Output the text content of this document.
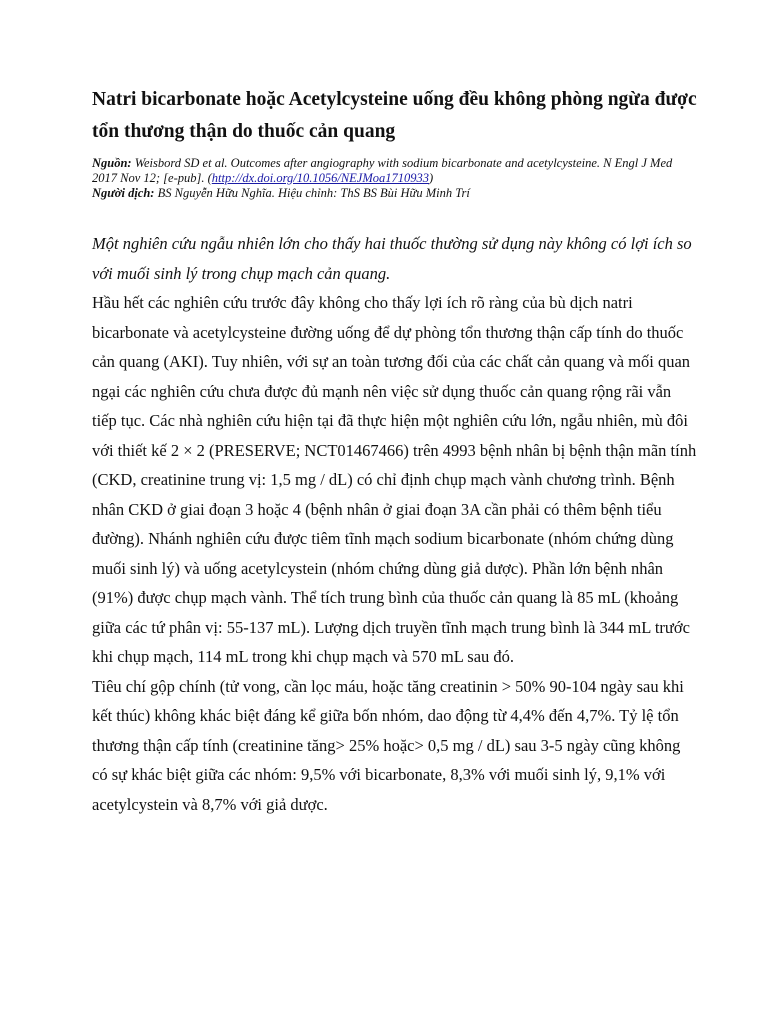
Natri bicarbonate hoặc Acetylcysteine uống đều không phòng ngừa được tổn thương thận do thuốc cản quang
Nguồn: Weisbord SD et al. Outcomes after angiography with sodium bicarbonate and acetylcysteine. N Engl J Med 2017 Nov 12; [e-pub]. (http://dx.doi.org/10.1056/NEJMoa1710933)
Người dịch: BS Nguyễn Hữu Nghĩa. Hiệu chỉnh: ThS BS Bùi Hữu Minh Trí

Một nghiên cứu ngẫu nhiên lớn cho thấy hai thuốc thường sử dụng này không có lợi ích so với muối sinh lý trong chụp mạch cản quang.

Hầu hết các nghiên cứu trước đây không cho thấy lợi ích rõ ràng của bù dịch natri bicarbonate và acetylcysteine đường uống để dự phòng tổn thương thận cấp tính do thuốc cản quang (AKI). Tuy nhiên, với sự an toàn tương đối của các chất cản quang và mối quan ngại các nghiên cứu chưa được đủ mạnh nên việc sử dụng thuốc cản quang rộng rãi vẫn tiếp tục. Các nhà nghiên cứu hiện tại đã thực hiện một nghiên cứu lớn, ngẫu nhiên, mù đôi với thiết kế 2 × 2 (PRESERVE; NCT01467466) trên 4993 bệnh nhân bị bệnh thận mãn tính (CKD, creatinine trung vị: 1,5 mg / dL) có chỉ định chụp mạch vành chương trình. Bệnh nhân CKD ở giai đoạn 3 hoặc 4 (bệnh nhân ở giai đoạn 3A cần phải có thêm bệnh tiểu đường). Nhánh nghiên cứu được tiêm tĩnh mạch sodium bicarbonate (nhóm chứng dùng muối sinh lý) và uống acetylcystein (nhóm chứng dùng giả dược). Phần lớn bệnh nhân (91%) được chụp mạch vành. Thể tích trung bình của thuốc cản quang là 85 mL (khoảng giữa các tứ phân vị: 55-137 mL). Lượng dịch truyền tĩnh mạch trung bình là 344 mL trước khi chụp mạch, 114 mL trong khi chụp mạch và 570 mL sau đó.

Tiêu chí gộp chính (tử vong, cần lọc máu, hoặc tăng creatinin > 50% 90-104 ngày sau khi kết thúc) không khác biệt đáng kể giữa bốn nhóm, dao động từ 4,4% đến 4,7%. Tỷ lệ tổn thương thận cấp tính (creatinine tăng> 25% hoặc> 0,5 mg / dL) sau 3-5 ngày cũng không có sự khác biệt giữa các nhóm: 9,5% với bicarbonate, 8,3% với muối sinh lý, 9,1% với acetylcystein và 8,7% với giả dược.
